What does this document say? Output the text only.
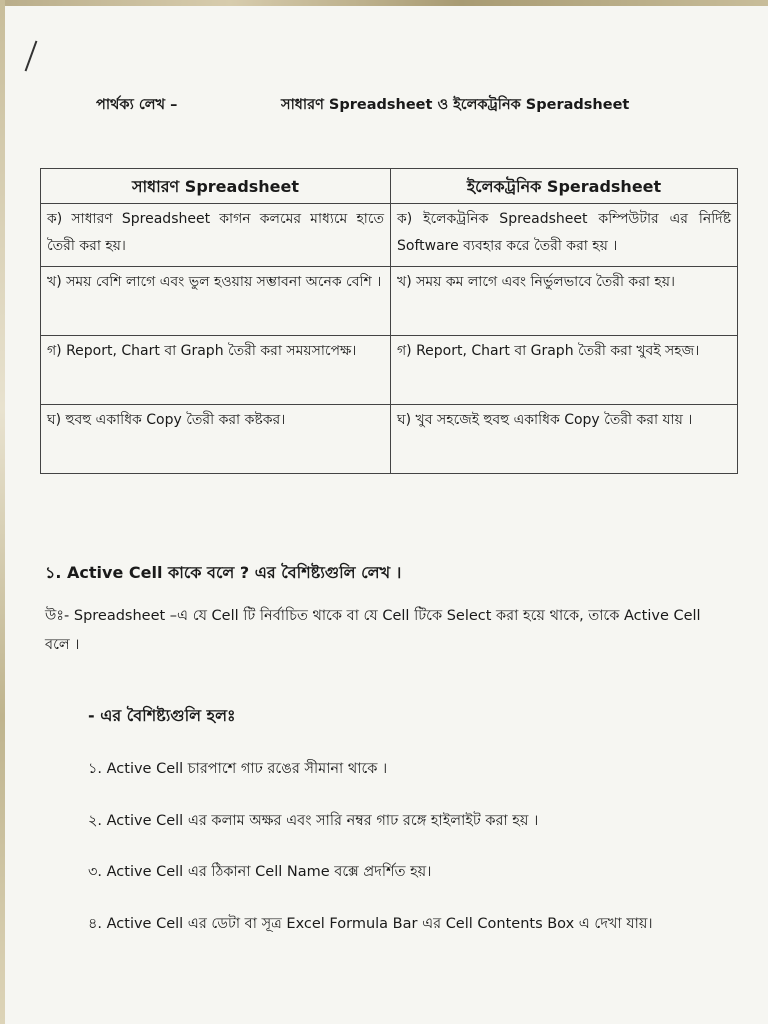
পার্থক্য লেখ –	সাধারণ Spreadsheet ও ইলেকট্রনিক Speradsheet
সাধারণ Spreadsheet	ইলেকট্রনিক Speradsheet
ক) সাধারণ Spreadsheet কাগন কলমের মাধ্যমে হাতে তৈরী করা হয়।	ক) ইলেকট্রনিক Spreadsheet কম্পিউটার এর নির্দিষ্ট Software ব্যবহার করে তৈরী করা হয় ।
খ) সময় বেশি লাগে এবং ভুল হওয়ায় সম্ভাবনা অনেক বেশি ।	খ) সময় কম লাগে এবং নির্ভুলভাবে তৈরী করা হয়।
গ) Report, Chart বা Graph তৈরী করা সময়সাপেক্ষ।	গ) Report, Chart বা Graph তৈরী করা খুবই সহজ।
ঘ) হুবহু একাধিক Copy তৈরী করা কষ্টকর।	ঘ) খুব সহজেই হুবহু একাধিক Copy তৈরী করা যায় ।
১. Active Cell কাকে বলে ? এর বৈশিষ্ট্যগুলি লেখ ।
উঃ- Spreadsheet –এ যে Cell টি নির্বাচিত থাকে বা যে Cell টিকে Select করা হয়ে থাকে, তাকে Active Cell বলে ।
- এর বৈশিষ্ট্যগুলি হলঃ
১. Active Cell চারপাশে গাঢ রঙের সীমানা থাকে ।
২. Active Cell এর কলাম অক্ষর এবং সারি নম্বর গাঢ রঙ্গে হাইলাইট করা হয় ।
৩. Active Cell এর ঠিকানা Cell Name বক্সে প্রদর্শিত হয়।
৪. Active Cell এর ডেটা বা সূত্র Excel Formula Bar এর Cell Contents Box এ দেখা যায়।
